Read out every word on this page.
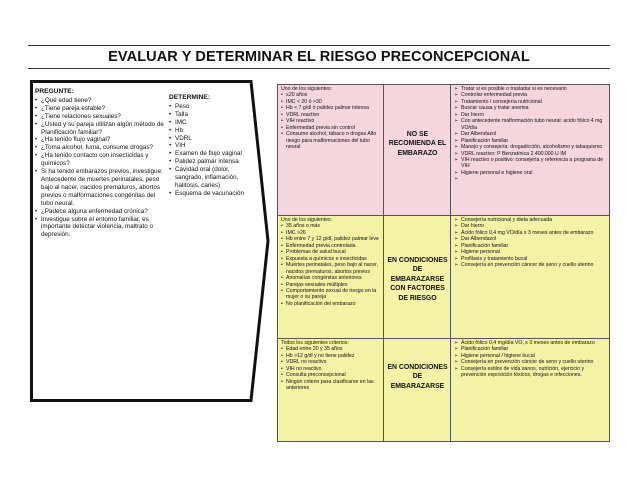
EVALUAR Y DETERMINAR EL RIESGO PRECONCEPCIONAL
PREGUNTE:
• ¿Qué edad tiene?
• ¿Tiene pareja estable?
• ¿Tiene relaciones sexuales?
• ¿Usted y su pareja utilizan algún método de Planificación familiar?
• ¿Ha tenido flujo vaginal?
• ¿Toma alcohol, fuma, consume drogas?
• ¿Ha tenido contacto con insecticidas y químicos?
• Si ha tenido embarazos previos, investigue: Antecedente de muertes perinatales, peso bajo al nacer, nacidos prematuros, abortos previos o malformaciones congénitas del tubo neural.
• ¿Padece alguna enfermedad crónica?
• Investigue sobre el entorno familiar, es importante detectar violencia, maltrato o depresión.
DETERMINE:
• Peso
• Talla
• IMC
• Hb
• VDRL
• VIH
• Examen de flujo vaginal
• Palidez palmar intensa
• Cavidad oral (dolor, sangrado, inflamación, halitosis, caries)
• Esquema de vacunación
Uno de los siguientes:
• ≤20 años
• IMC < 20 ó >30
• Hb < 7 g/dl ó palidez palmar intensa
• VDRL reactivo
• VIH reactivo
• Enfermedad previa sin control
• Consume alcohol, tabaco o drogas Alto riesgo para malformaciones del tubo neural
NO SE RECOMIENDA EL EMBARAZO
➢ Tratar si es posible o trasladar si es necesario
➢ Controlar enfermedad previa
➢ Tratamiento / consejería nutricional
➢ Buscar causa y tratar anemia
➢ Dar hierro
➢ Con antecedente malformación tubo neural: acido fólico 4 mg VO/día
➢ Dar Albendazol
➢ Planificación familiar
➢ Manejo y consejería: drogadicción, alcoholismo y tabaquismo
➢ VDRL reactivo: P Benzatínica 2.400.000 U IM
➢ VIH reactivo o positivo: consejería y referencia a programa de VIH
➢ Higiene personal e higiene oral
➢
Uno de los siguientes:
• 35 años o más
• IMC >26
• Hb entre 7 y 12 g/dl, palidez palmar leve
• Enfermedad previa controlada
• Problemas de salud bucal
• Expuesta a químicos e insecticidas
• Muertes perinatales, peso bajo al nacer, nacidos prematuros, abortos previos
• Anomalías congénitas anteriores
• Parejas sexuales múltiples
• Comportamiento sexual de riesgo en la mujer o su pareja
• No planificación del embarazo
EN CONDICIONES DE EMBARAZARSE CON FACTORES DE RIESGO
➢ Consejería nutricional y dieta adecuada
➢ Dar hierro
➢ Ácido fólico 0,4 mg VO/día x 3 meses antes de embarazo
➢ Dar Albendazol
➢ Planificación familiar
➢ Higiene personal
➢ Profilaxis y tratamiento bucal
➢ Consejería en prevención cáncer de seno y cuello uterino
Todos los siguientes criterios:
• Edad entre 20 y 35 años
• Hb >12 g/dl y no tiene palidez
• VDRL no reactivo
• VIH no reactivo
• Consulta preconcepcional
• Ningún criterio para clasificarse en las anteriores
EN CONDICIONES DE EMBARAZARSE
➢ Ácido fólico 0,4 mg/día VO, x 3 meses antes de embarazo
➢ Planificación familiar
➢ Higiene personal / higiene bucal
➢ Consejería en prevención cáncer de seno y cuello uterino
➢ Consejería estilos de vida sanos, nutrición, ejercicio y prevención exposición tóxicos, drogas e infecciones.
